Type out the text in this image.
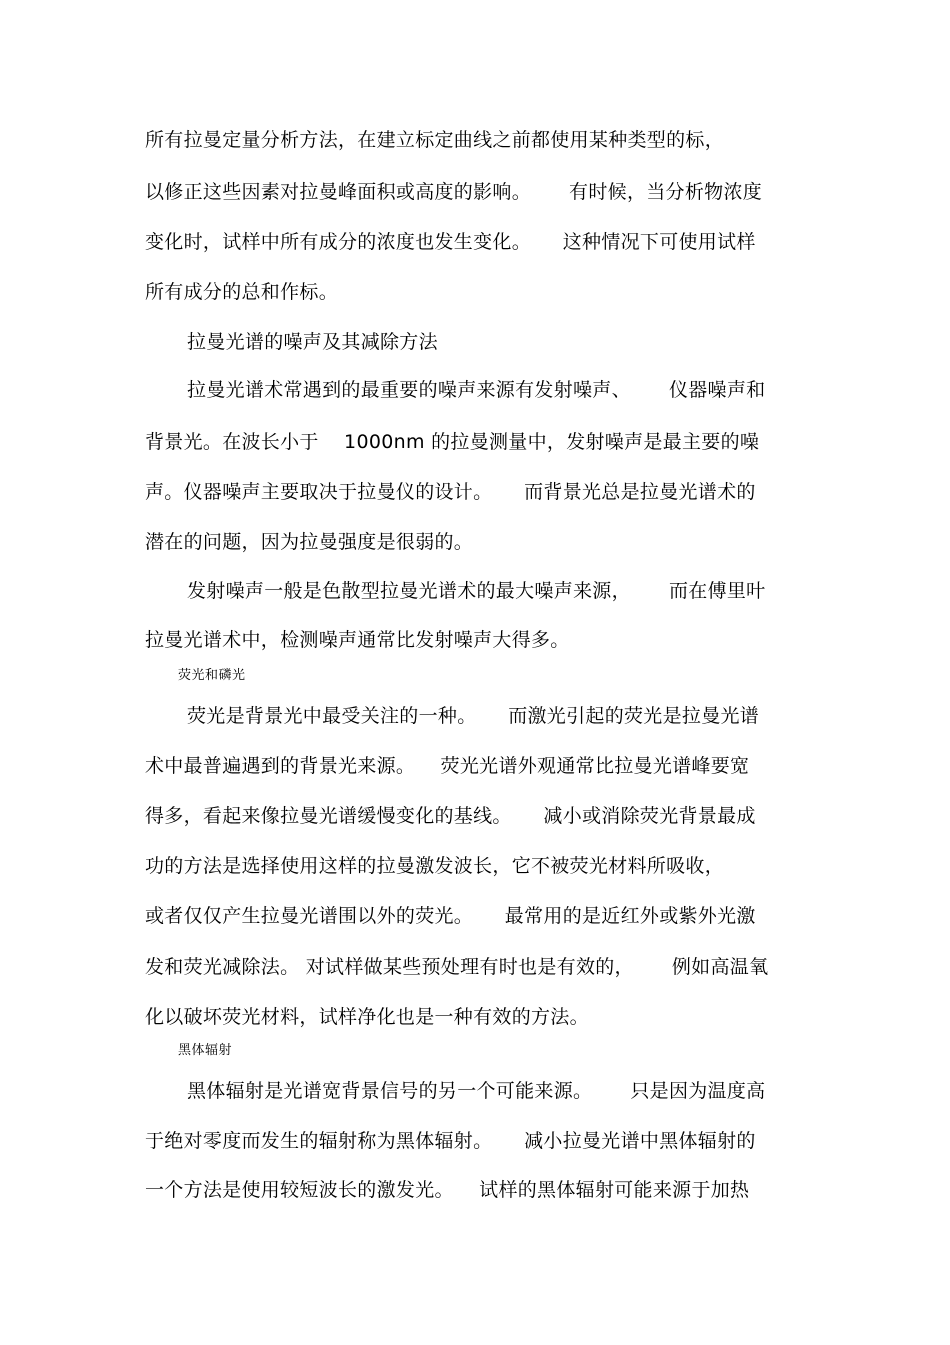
所有拉曼定量分析方法，在建立标定曲线之前都使用某种类型的标，
以修正这些因素对拉曼峰面积或高度的影响。      有时候，当分析物浓度
变化时，试样中所有成分的浓度也发生变化。     这种情况下可使用试样
所有成分的总和作标。
拉曼光谱的噪声及其减除方法
拉曼光谱术常遇到的最重要的噪声来源有发射噪声、      仪器噪声和
背景光。在波长小于    1000nm 的拉曼测量中，发射噪声是最主要的噪
声。仪器噪声主要取决于拉曼仪的设计。     而背景光总是拉曼光谱术的
潜在的问题，因为拉曼强度是很弱的。
发射噪声一般是色散型拉曼光谱术的最大噪声来源，      而在傅里叶
拉曼光谱术中，检测噪声通常比发射噪声大得多。
荧光和磷光
荧光是背景光中最受关注的一种。     而激光引起的荧光是拉曼光谱
术中最普遍遇到的背景光来源。    荧光光谱外观通常比拉曼光谱峰要宽
得多，看起来像拉曼光谱缓慢变化的基线。     减小或消除荧光背景最成
功的方法是选择使用这样的拉曼激发波长，它不被荧光材料所吸收，
或者仅仅产生拉曼光谱围以外的荧光。     最常用的是近红外或紫外光激
发和荧光减除法。 对试样做某些预处理有时也是有效的，      例如高温氧
化以破坏荧光材料，试样净化也是一种有效的方法。
黑体辐射
黑体辐射是光谱宽背景信号的另一个可能来源。      只是因为温度高
于绝对零度而发生的辐射称为黑体辐射。     减小拉曼光谱中黑体辐射的
一个方法是使用较短波长的激发光。    试样的黑体辐射可能来源于加热
